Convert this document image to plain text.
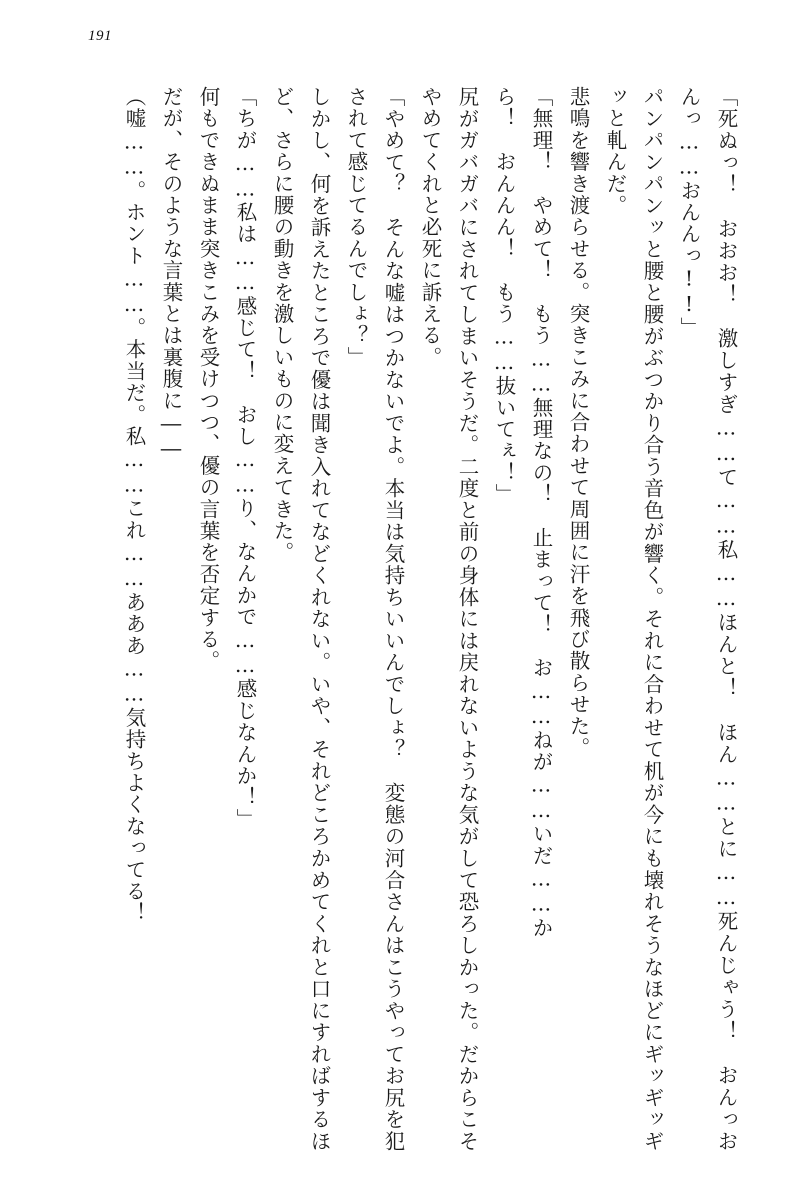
191

「死ぬっ！　おおお！　激しすぎ……て……私……ほんと！　ほん……とに……死んじゃう！　おんっおんっ……おんんっ!!」

パンパンパンッと腰と腰がぶつかり合う音色が響く。それに合わせて机が今にも壊れそうなほどにギッギッギッと軋んだ。

悲鳴を響き渡らせる。突きこみに合わせて周囲に汗を飛び散らせた。

「無理！　やめて！　もう……無理なの！　止まって！　お……ねが……いだ……か

ら！　おんんん！　もう……抜いてぇ！」

尻がガバガバにされてしまいそうだ。二度と前の身体には戻れないような気がして恐ろしかった。だからこそやめてくれと必死に訴える。

「やめて？　そんな嘘はつかないでよ。本当は気持ちいいんでしょ？　変態の河合さんはこうやってお尻を犯されて感じてるんでしょ？」

しかし、何を訴えたところで優は聞き入れてなどくれない。いや、それどころかめてくれと口にすればするほど、さらに腰の動きを激しいものに変えてきた。

「ちが……私は……感じて！　おし……り、なんかで……感じなんか！」

何もできぬまま突きこみを受けつつ、優の言葉を否定する。

だが、そのような言葉とは裏腹に――

（嘘……。ホント……。本当だ。私……これ……あああ……気持ちよくなってる！
